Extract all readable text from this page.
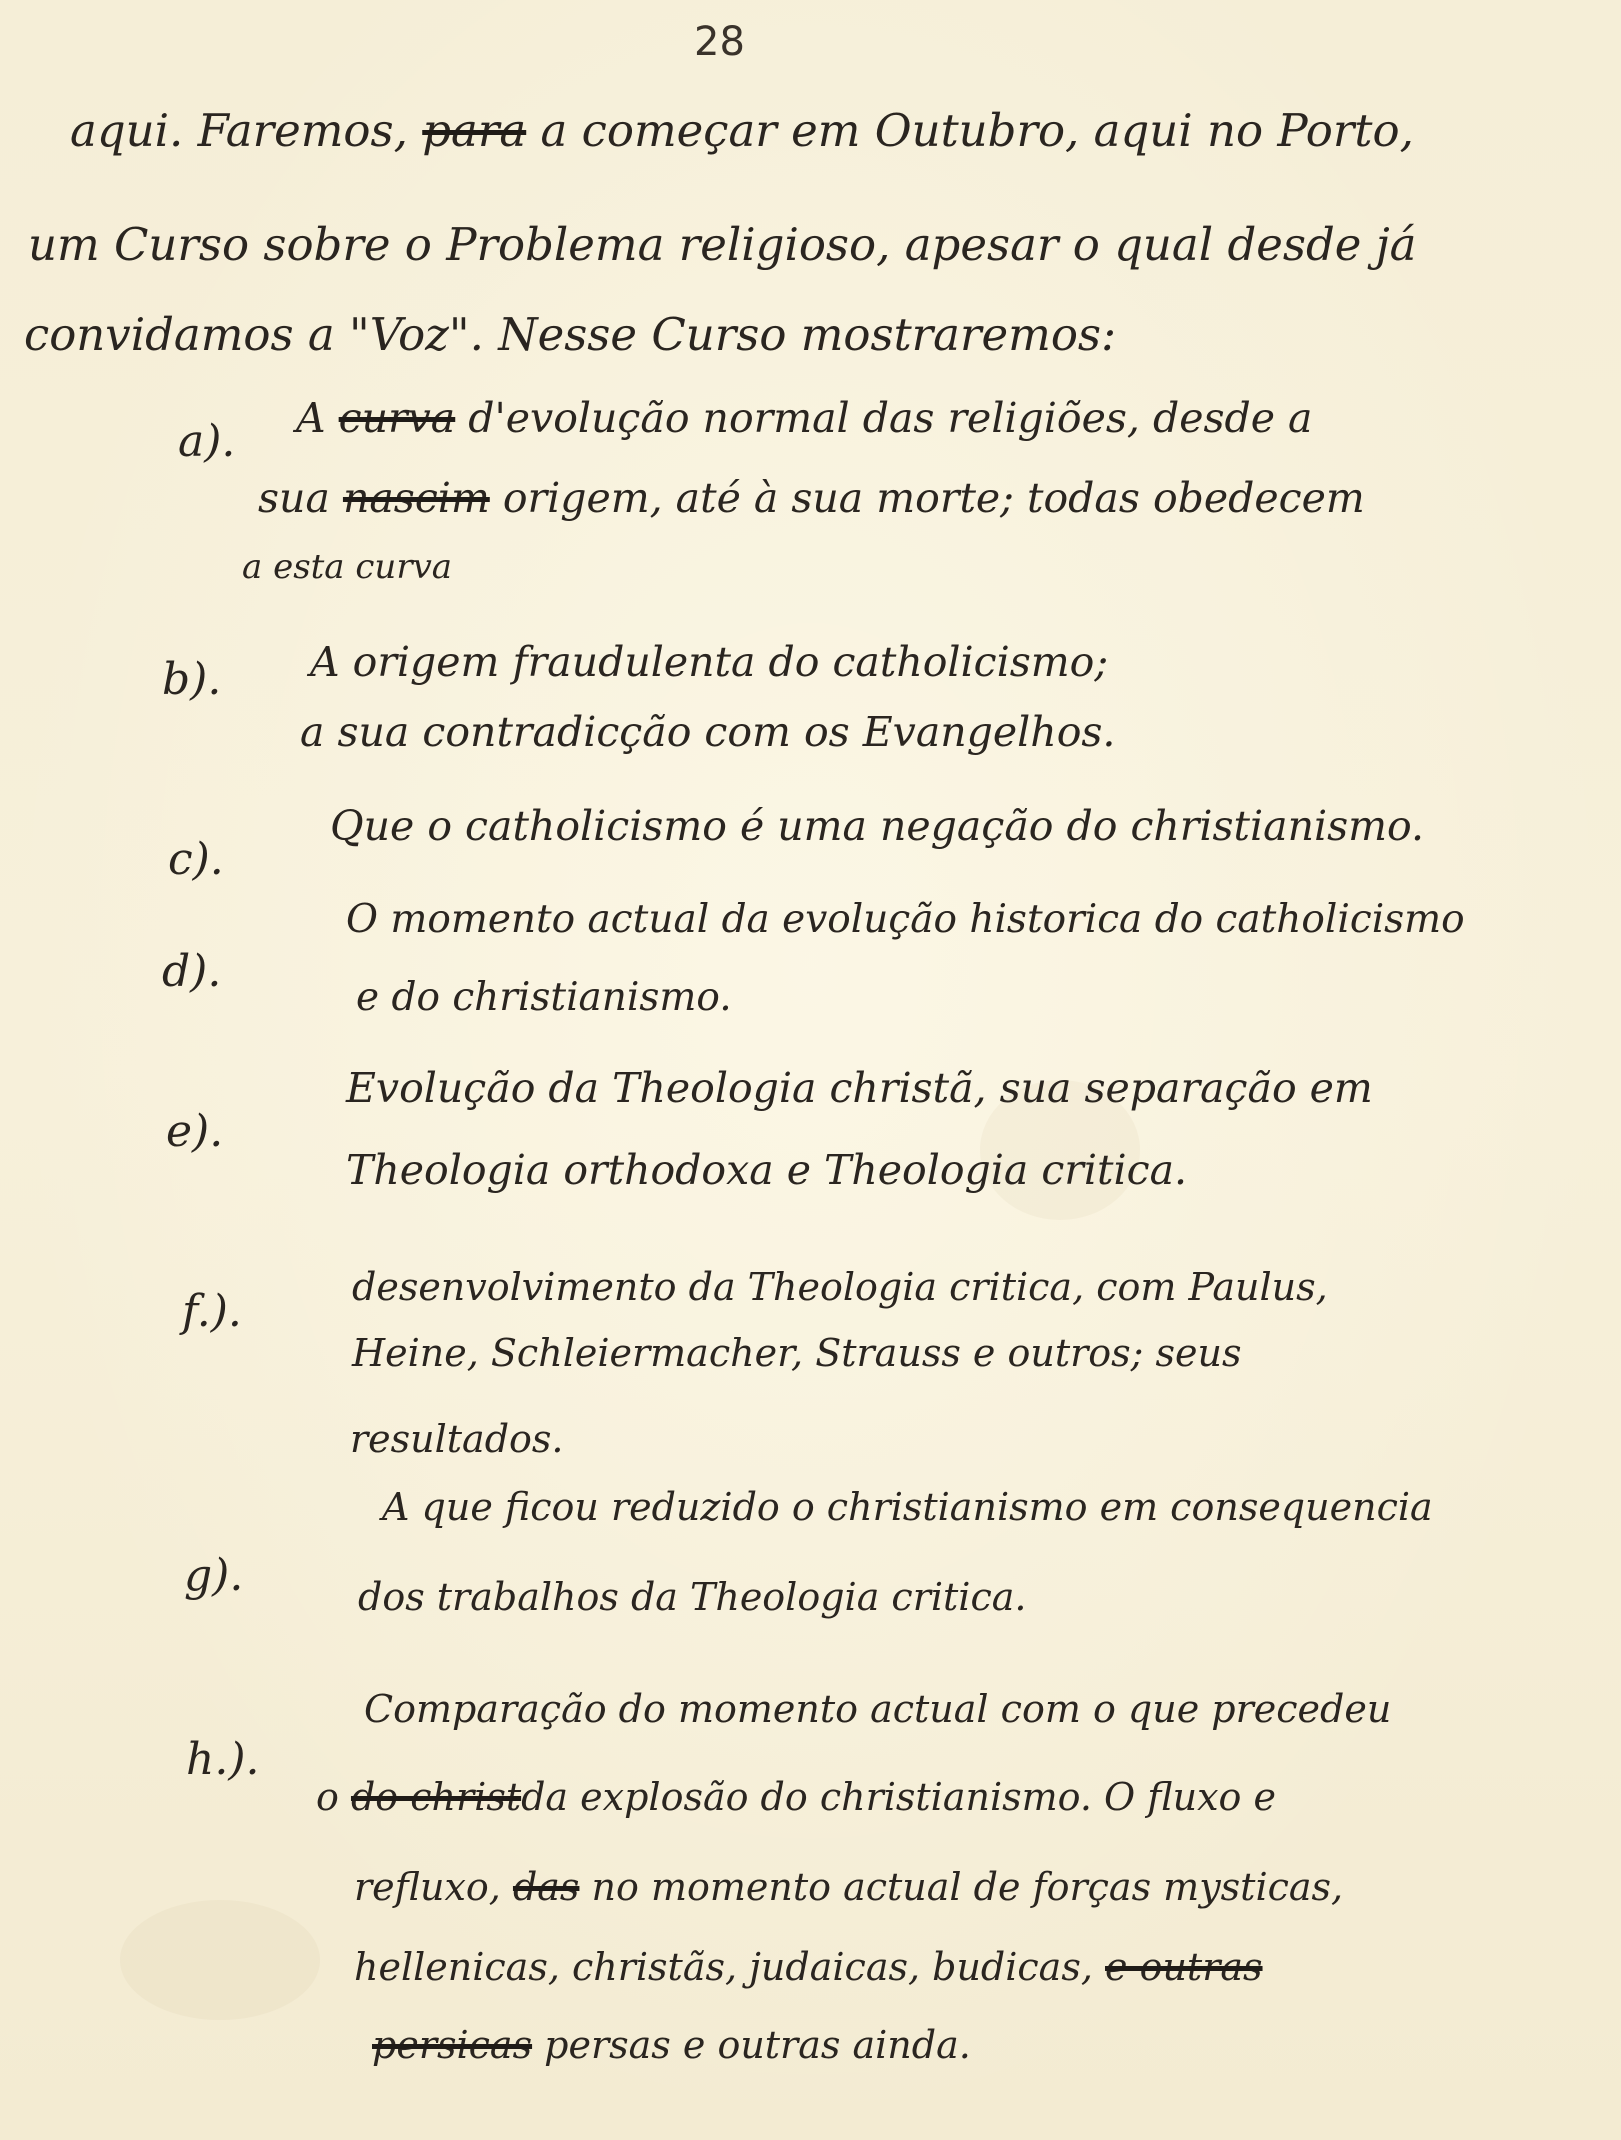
28
aqui. Faremos, para a começar em Outubro, aqui no Porto,
um Curso sobre o Problema religioso, apesar o qual desde já
convidamos a "Voz". Nesse Curso mostraremos:
a). A curva d'evolução normal das religiões, desde a
sua nascim origem, até à sua morte; todas obedecem
a esta curva
b). A origem fraudulenta do catholicismo;
a sua contradicção com os Evangelhos.
c).
Que o catholicismo é uma negação do christianismo.
d).
O momento actual da evolução historica do catholicismo
e do christianismo.
e).
Evolução da Theologia christã, sua separação em
Theologia orthodoxa e Theologia critica.
f.).	desenvolvimento da Theologia critica, com Paulus,
Heine, Schleiermacher, Strauss e outros; seus
resultados.
g).
A que ficou reduzido o christianismo em consequencia
dos trabalhos da Theologia critica.
h.).
Comparação do momento actual com o que precedeu
o do christda explosão do christianismo. O fluxo e
refluxo, das no momento actual de forças mysticas,
hellenicas, christãs, judaicas, budicas, e outras
persicas persas e outras ainda.
